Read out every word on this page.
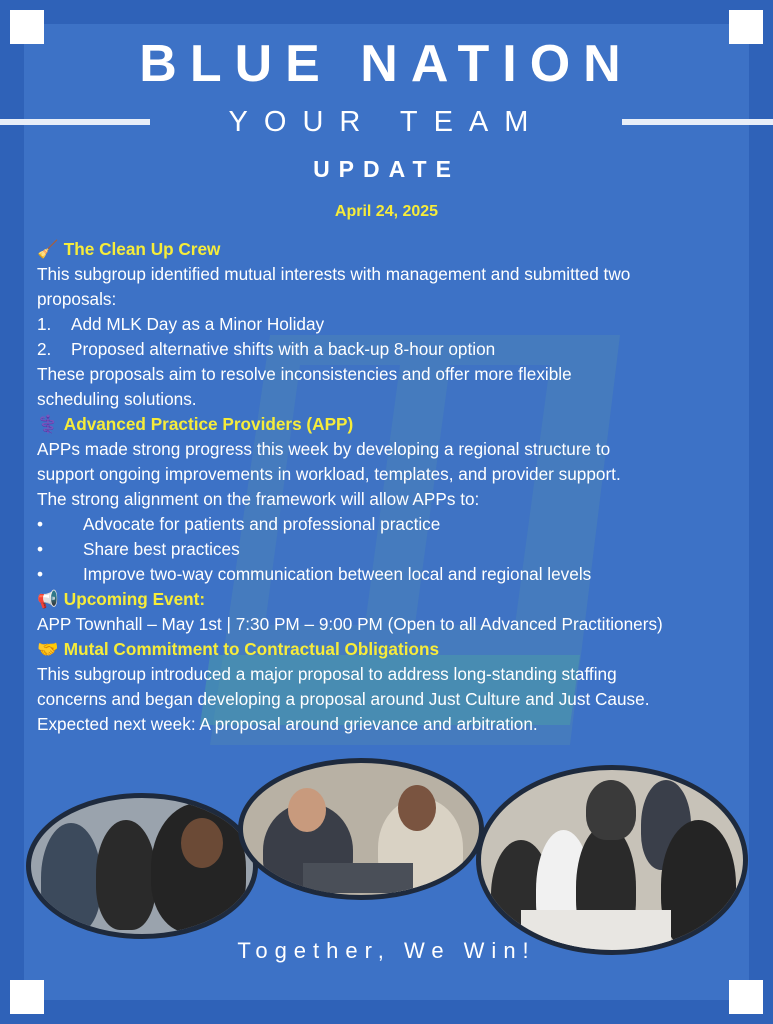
BLUE NATION
YOUR TEAM
UPDATE
April 24, 2025
🧹 The Clean Up Crew
This subgroup identified mutual interests with management and submitted two
proposals:
1. Add MLK Day as a Minor Holiday
2. Proposed alternative shifts with a back-up 8-hour option
These proposals aim to resolve inconsistencies and offer more flexible
scheduling solutions.
⚕️ Advanced Practice Providers (APP)
APPs made strong progress this week by developing a regional structure to
support ongoing improvements in workload, templates, and provider support.
The strong alignment on the framework will allow APPs to:
• Advocate for patients and professional practice
• Share best practices
• Improve two-way communication between local and regional levels
📢 Upcoming Event:
APP Townhall – May 1st | 7:30 PM – 9:00 PM (Open to all Advanced Practitioners)
🤝 Mutal Commitment to Contractual Obligations
This subgroup introduced a major proposal to address long-standing staffing
concerns and began developing a proposal around Just Culture and Just Cause.
Expected next week: A proposal around grievance and arbitration.
Together, We Win!
